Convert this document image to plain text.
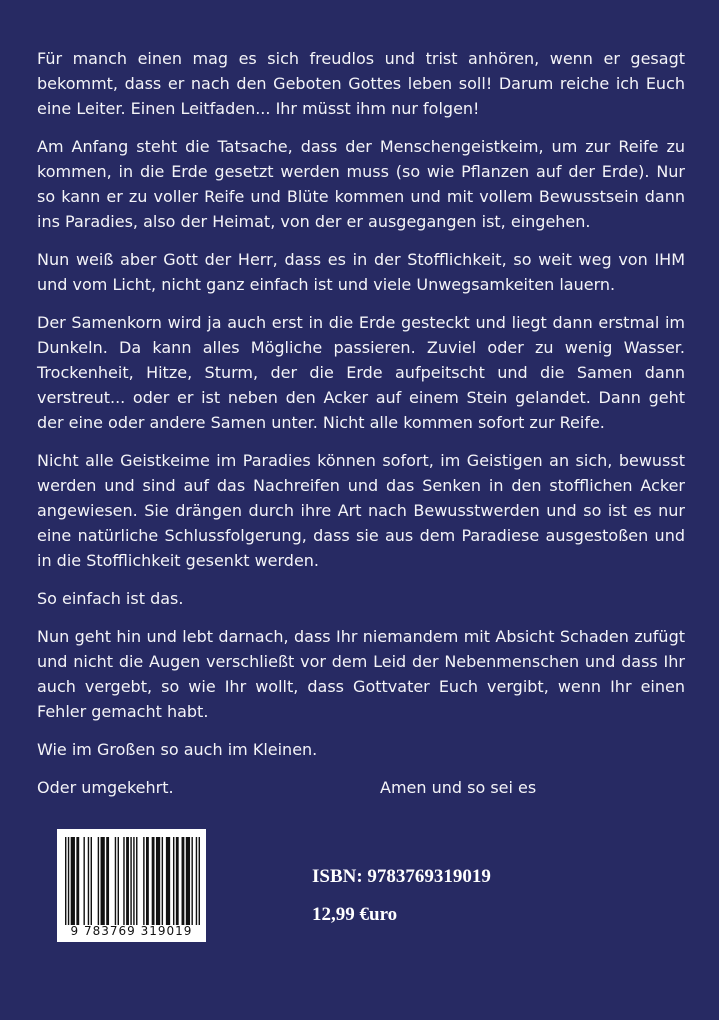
Für manch einen mag es sich freudlos und trist anhören, wenn er gesagt bekommt, dass er nach den Geboten Gottes leben soll! Darum reiche ich Euch eine Leiter. Einen Leitfaden... Ihr müsst ihm nur folgen!

Am Anfang steht die Tatsache, dass der Menschengeistkeim, um zur Reife zu kommen, in die Erde gesetzt werden muss (so wie Pflanzen auf der Erde). Nur so kann er zu voller Reife und Blüte kommen und mit vollem Bewusstsein dann ins Paradies, also der Heimat, von der er ausgegangen ist, eingehen.

Nun weiß aber Gott der Herr, dass es in der Stofflichkeit, so weit weg von IHM und vom Licht, nicht ganz einfach ist und viele Unwegsamkeiten lauern.

Der Samenkorn wird ja auch erst in die Erde gesteckt und liegt dann erstmal im Dunkeln. Da kann alles Mögliche passieren. Zuviel oder zu wenig Wasser. Trockenheit, Hitze, Sturm, der die Erde aufpeitscht und die Samen dann verstreut... oder er ist neben den Acker auf einem Stein gelandet. Dann geht der eine oder andere Samen unter. Nicht alle kommen sofort zur Reife.

Nicht alle Geistkeime im Paradies können sofort, im Geistigen an sich, bewusst werden und sind auf das Nachreifen und das Senken in den stofflichen Acker angewiesen. Sie drängen durch ihre Art nach Bewusstwerden und so ist es nur eine natürliche Schlussfolgerung, dass sie aus dem Paradiese ausgestoßen und in die Stofflichkeit gesenkt werden.

So einfach ist das.

Nun geht hin und lebt darnach, dass Ihr niemandem mit Absicht Schaden zufügt und nicht die Augen verschließt vor dem Leid der Nebenmenschen und dass Ihr auch vergebt, so wie Ihr wollt, dass Gottvater Euch vergibt, wenn Ihr einen Fehler gemacht habt.

Wie im Großen so auch im Kleinen.

Oder umgekehrt.	Amen und so sei es
9 783769 319019
ISBN: 9783769319019
12,99 €uro
